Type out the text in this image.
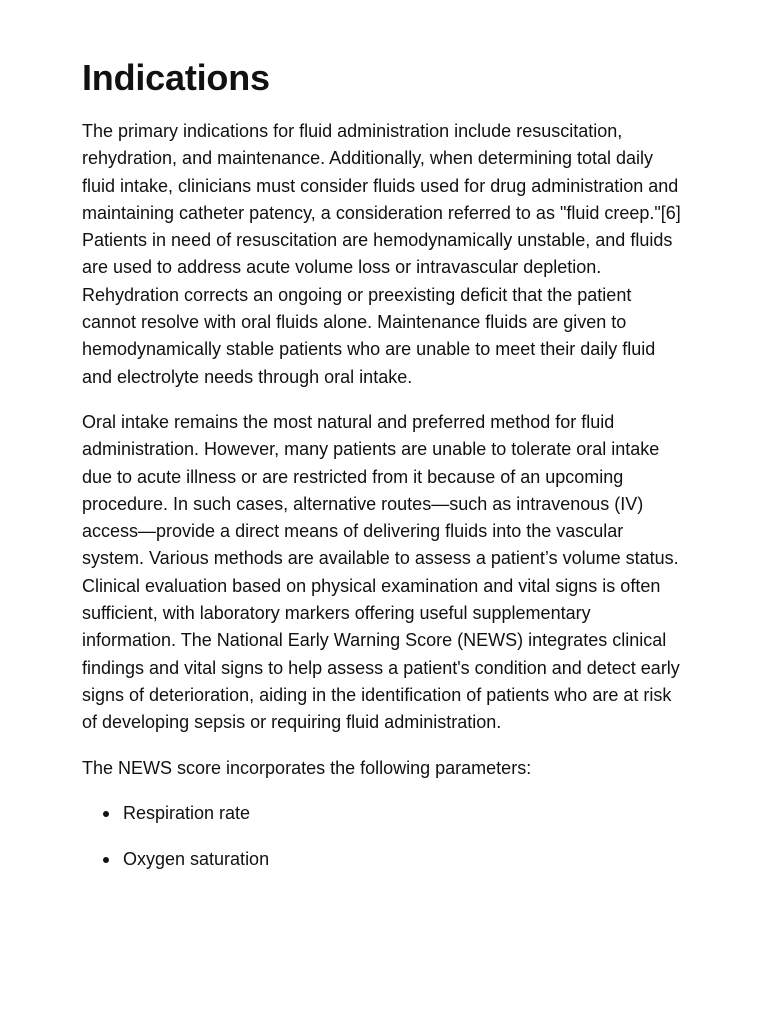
Indications

The primary indications for fluid administration include resuscitation, rehydration, and maintenance. Additionally, when determining total daily fluid intake, clinicians must consider fluids used for drug administration and maintaining catheter patency, a consideration referred to as "fluid creep."[6] Patients in need of resuscitation are hemodynamically unstable, and fluids are used to address acute volume loss or intravascular depletion. Rehydration corrects an ongoing or preexisting deficit that the patient cannot resolve with oral fluids alone. Maintenance fluids are given to hemodynamically stable patients who are unable to meet their daily fluid and electrolyte needs through oral intake.

Oral intake remains the most natural and preferred method for fluid administration. However, many patients are unable to tolerate oral intake due to acute illness or are restricted from it because of an upcoming procedure. In such cases, alternative routes—such as intravenous (IV) access—provide a direct means of delivering fluids into the vascular system. Various methods are available to assess a patient’s volume status. Clinical evaluation based on physical examination and vital signs is often sufficient, with laboratory markers offering useful supplementary information. The National Early Warning Score (NEWS) integrates clinical findings and vital signs to help assess a patient's condition and detect early signs of deterioration, aiding in the identification of patients who are at risk of developing sepsis or requiring fluid administration.

The NEWS score incorporates the following parameters:

Respiration rate
Oxygen saturation
